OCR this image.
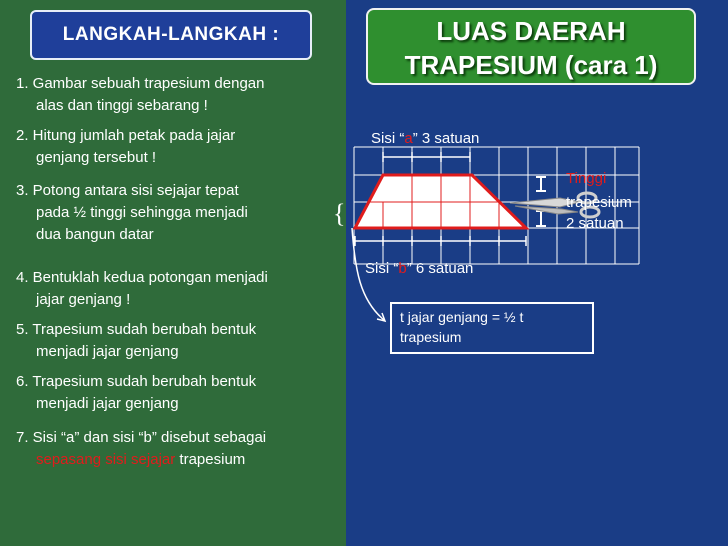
LANGKAH-LANGKAH :	LUAS DAERAH
TRAPESIUM (cara 1)
1. Gambar sebuah trapesium dengan
alas dan tinggi sebarang !
2. Hitung jumlah petak pada jajar
genjang tersebut !
3. Potong antara sisi sejajar tepat
pada ½ tinggi sehingga menjadi
dua bangun datar
4. Bentuklah kedua potongan menjadi
jajar genjang !
5. Trapesium sudah berubah bentuk
menjadi jajar genjang
6. Trapesium sudah berubah bentuk
menjadi jajar genjang
7. Sisi “a” dan sisi “b” disebut sebagai
sepasang sisi sejajar trapesium
{
Sisi “a” 3 satuan
Sisi “b” 6 satuan
Tinggi
trapesium
2 satuan
t jajar genjang = ½ t
trapesium
